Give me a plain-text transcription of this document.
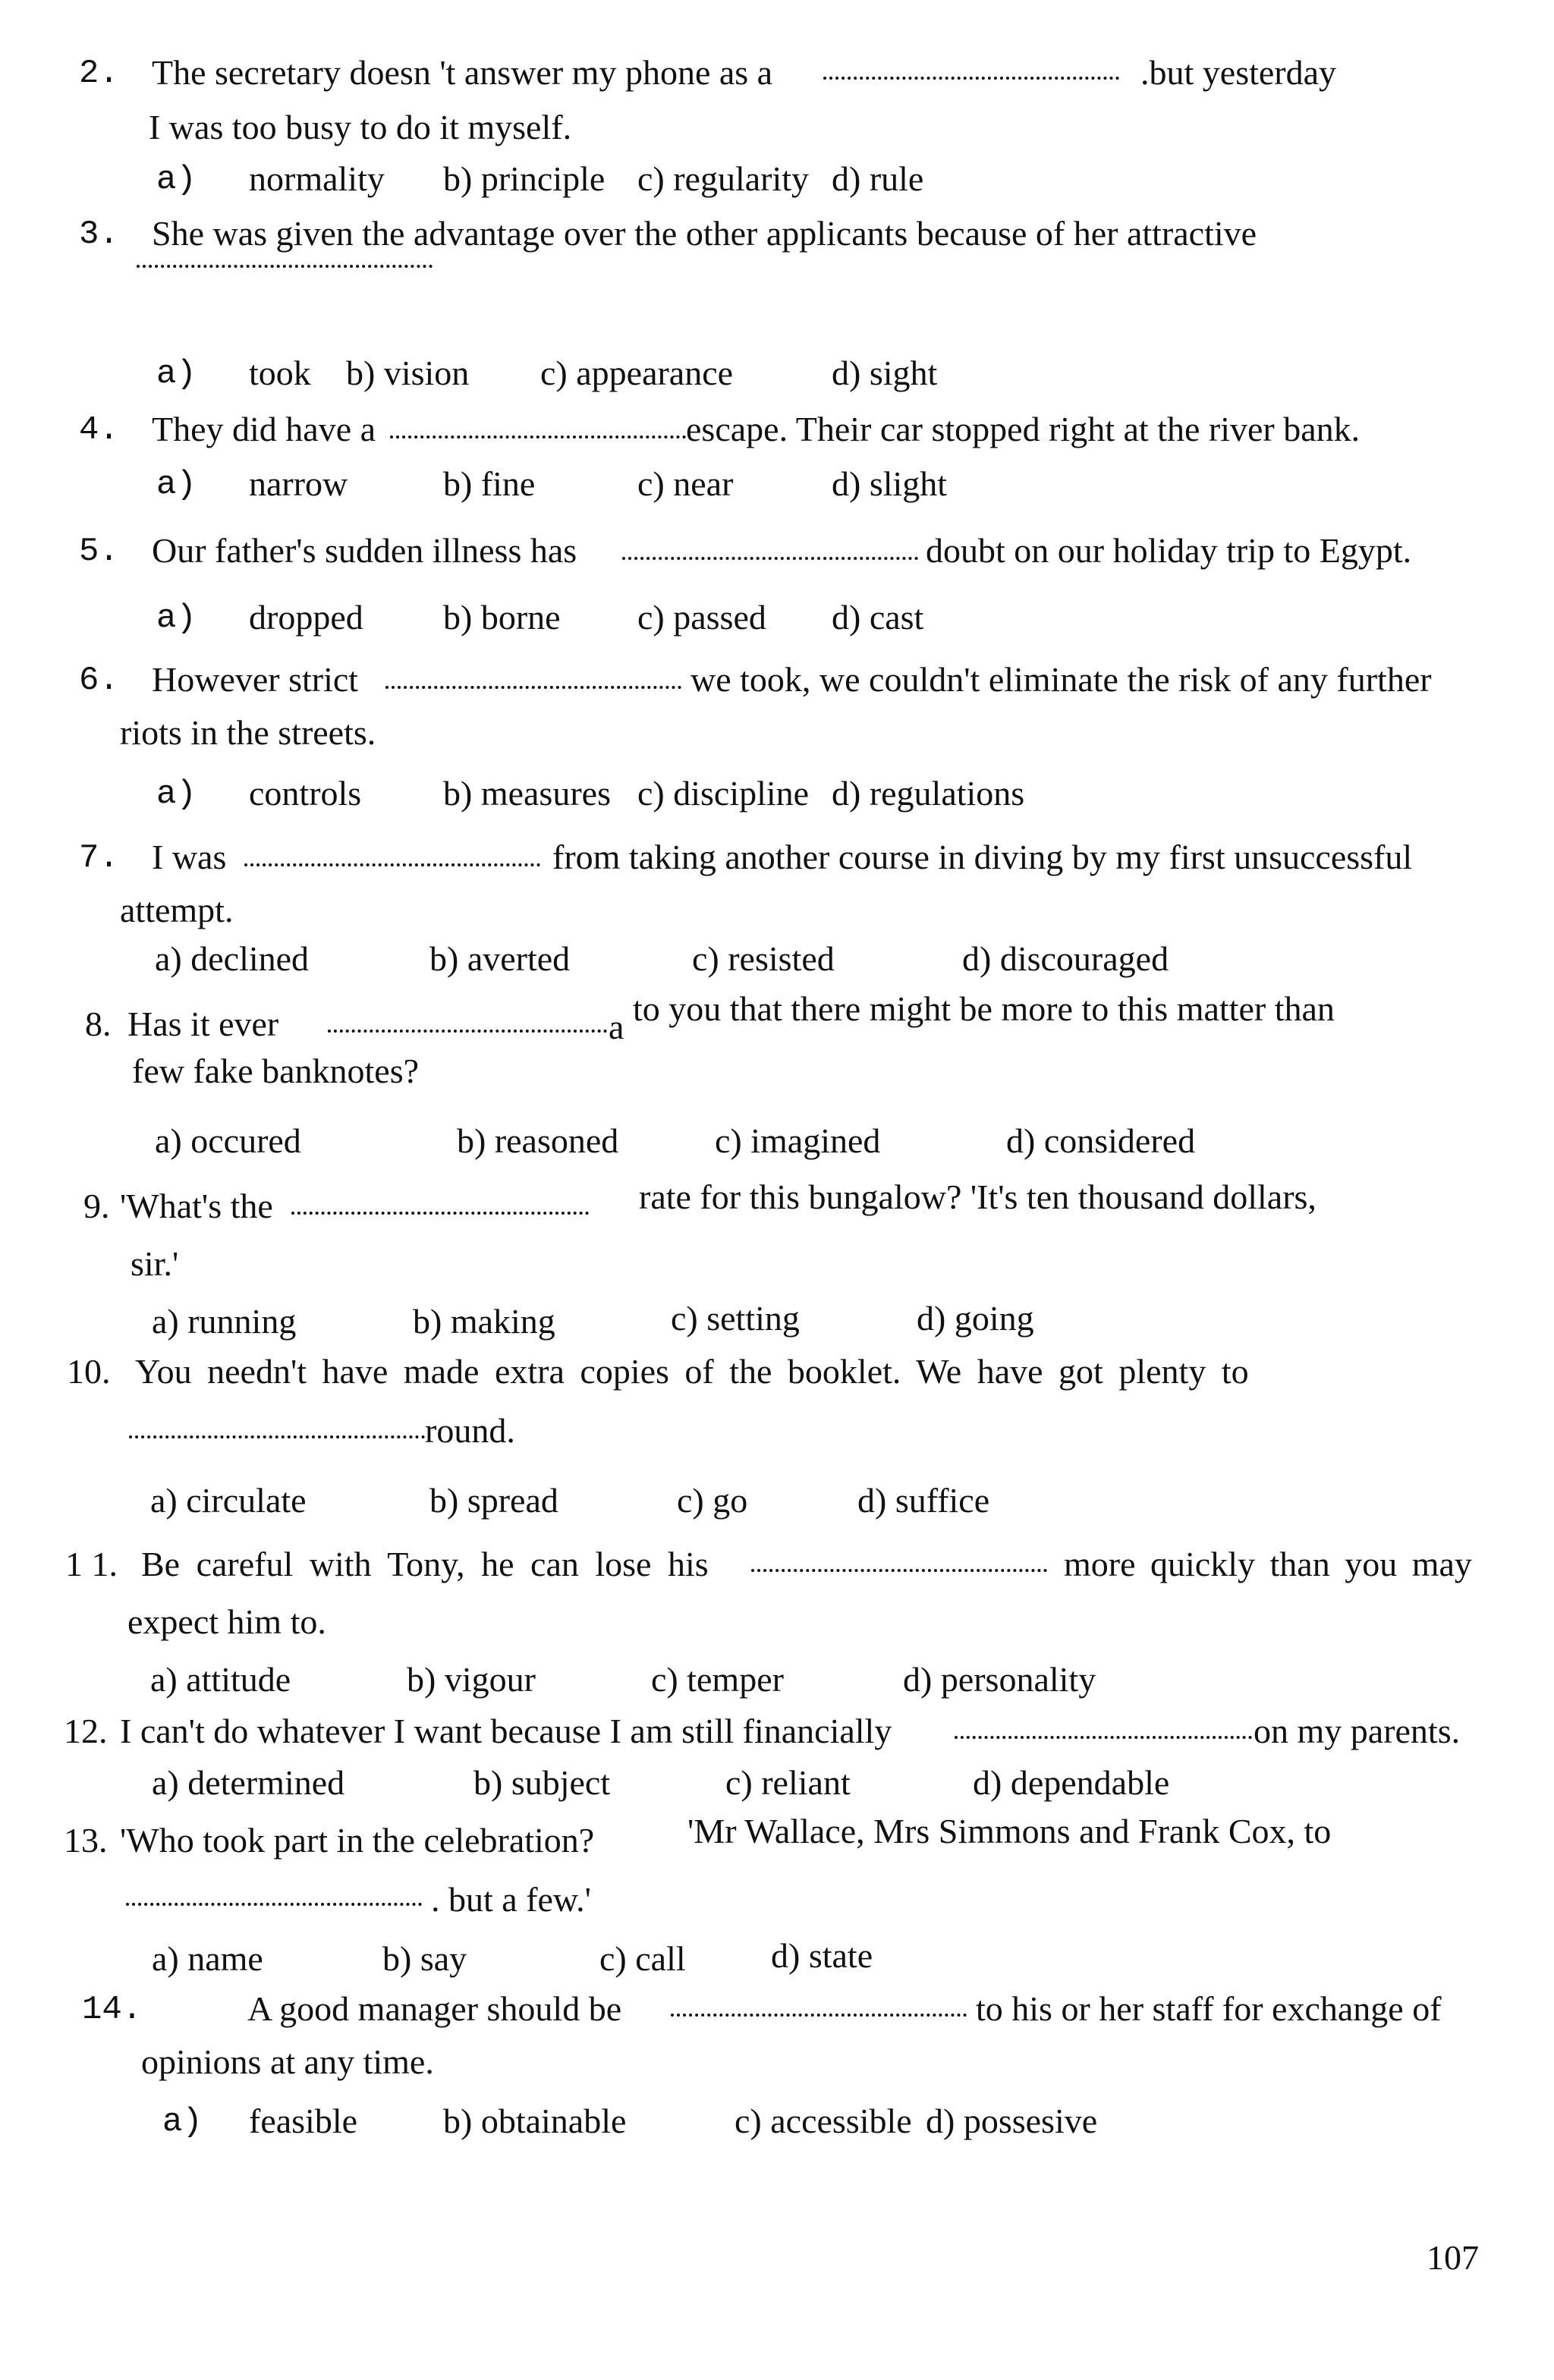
2. The secretary doesn 't answer my phone as a	.but yesterday
I was too busy to do it myself.
a) normality b) principle c) regularity d) rule
3. She was given the advantage over the other applicants because of her attractive
a) took b) vision c) appearance	d) sight
4. They did have a	escape. Their car stopped right at the river bank.
a) narrow	b) fine	c) near	d) slight
5. Our father's sudden illness has	doubt on our holiday trip to Egypt.
a) dropped b) borne c) passed d) cast
6. However strict	we took, we couldn't eliminate the risk of any further
riots in the streets.
a) controls b) measures c) discipline d) regulations
7. I was	from taking another course in diving by my first unsuccessful
attempt.
a) declined	b) averted	c) resisted	d) discouraged
8. Has it ever	a to you that there might be more to this matter than
few fake banknotes?
a) occured	b) reasoned	c) imagined	d) considered
9. 'What's the	rate for this bungalow? 'It's ten thousand dollars,
sir.'
a) running	b) making	c) setting	d) going
10. You needn't have made extra copies of the booklet. We have got plenty to
round.
a) circulate	b) spread	c) go	d) suffice
1 1. Be careful with Tony, he can lose his	more quickly than you may
expect him to.
a) attitude	b) vigour	c) temper	d) personality
12. I can't do whatever I want because I am still financially	on my parents.
a) determined	b) subject	c) reliant	d) dependable
13. 'Who took part in the celebration?	'Mr Wallace, Mrs Simmons and Frank Cox, to
. but a few.'
a) name	b) say	c) call d) state
14.	A good manager should be	to his or her staff for exchange of
opinions at any time.
a) feasible b) obtainable	c) accessible d) possesive
107
